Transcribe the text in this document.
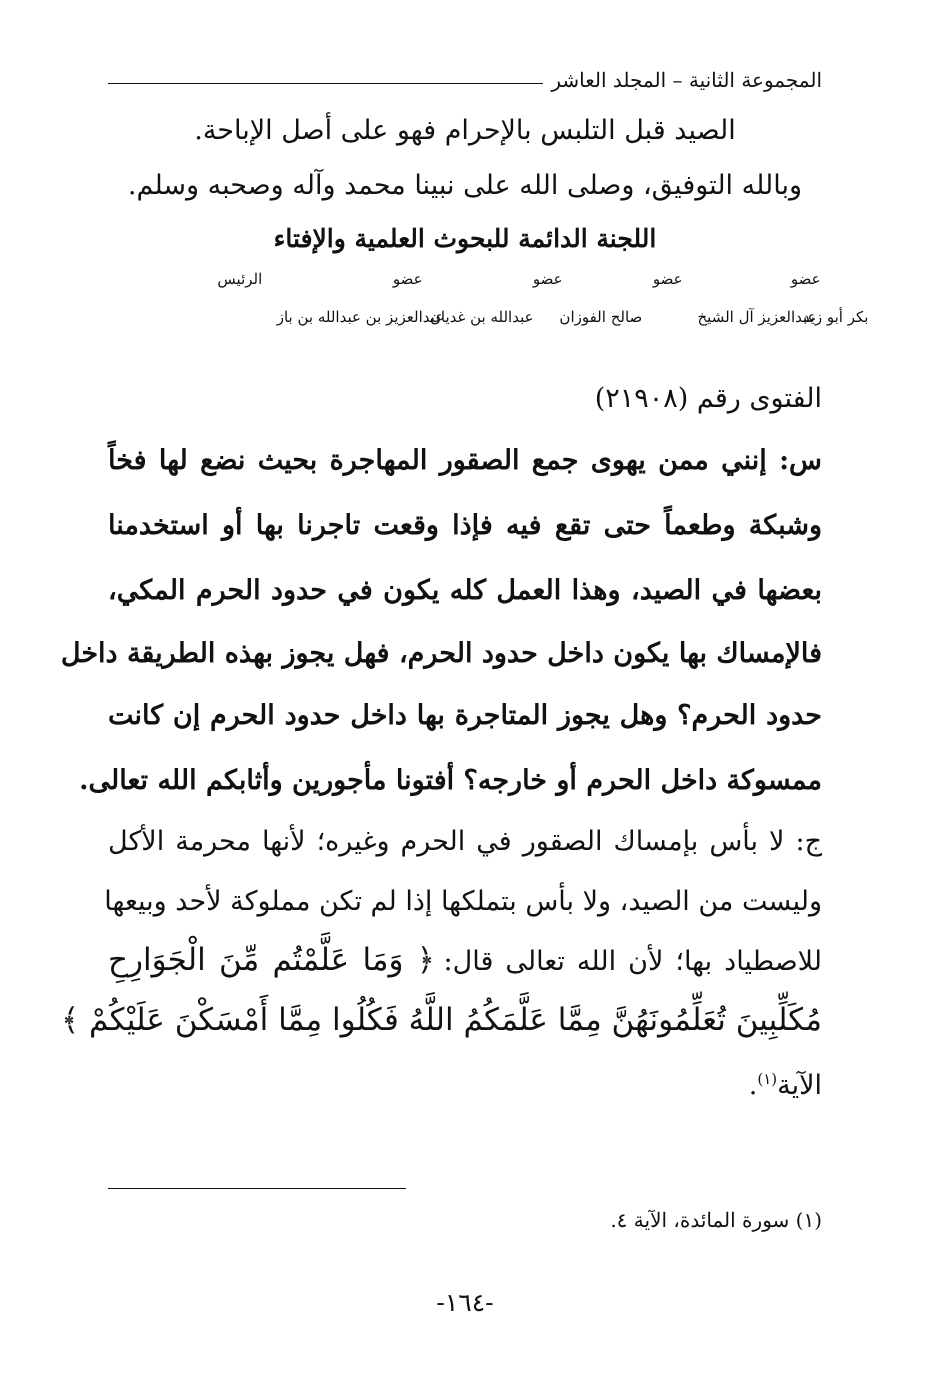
المجموعة الثانية – المجلد العاشر
الصيد قبل التلبس بالإحرام فهو على أصل الإباحة.
وبالله التوفيق، وصلى الله على نبينا محمد وآله وصحبه وسلم.
اللجنة الدائمة للبحوث العلمية والإفتاء
عضو
عضو
عضو
عضو
الرئيس
بكر أبو زيد
عبدالعزيز آل الشيخ
صالح الفوزان
عبدالله بن غديان
عبدالعزيز بن عبدالله بن باز
الفتوى رقم (٢١٩٠٨)
س: إنني ممن يهوى جمع الصقور المهاجرة بحيث نضع لها فخاً
وشبكة وطعماً حتى تقع فيه فإذا وقعت تاجرنا بها أو استخدمنا
بعضها في الصيد، وهذا العمل كله يكون في حدود الحرم المكي،
فالإمساك بها يكون داخل حدود الحرم، فهل يجوز بهذه الطريقة داخل
حدود الحرم؟ وهل يجوز المتاجرة بها داخل حدود الحرم إن كانت
ممسوكة داخل الحرم أو خارجه؟ أفتونا مأجورين وأثابكم الله تعالى.
ج: لا بأس بإمساك الصقور في الحرم وغيره؛ لأنها محرمة الأكل
وليست من الصيد، ولا بأس بتملكها إذا لم تكن مملوكة لأحد وبيعها
للاصطياد بها؛ لأن الله تعالى قال: ﴿ وَمَا عَلَّمْتُم مِّنَ الْجَوَارِحِ
مُكَلِّبِينَ تُعَلِّمُونَهُنَّ مِمَّا عَلَّمَكُمُ اللَّهُ فَكُلُوا مِمَّا أَمْسَكْنَ عَلَيْكُمْ ﴾
الآية$^{(١)}$.
(١) سورة المائدة، الآية ٤.
-١٦٤-
